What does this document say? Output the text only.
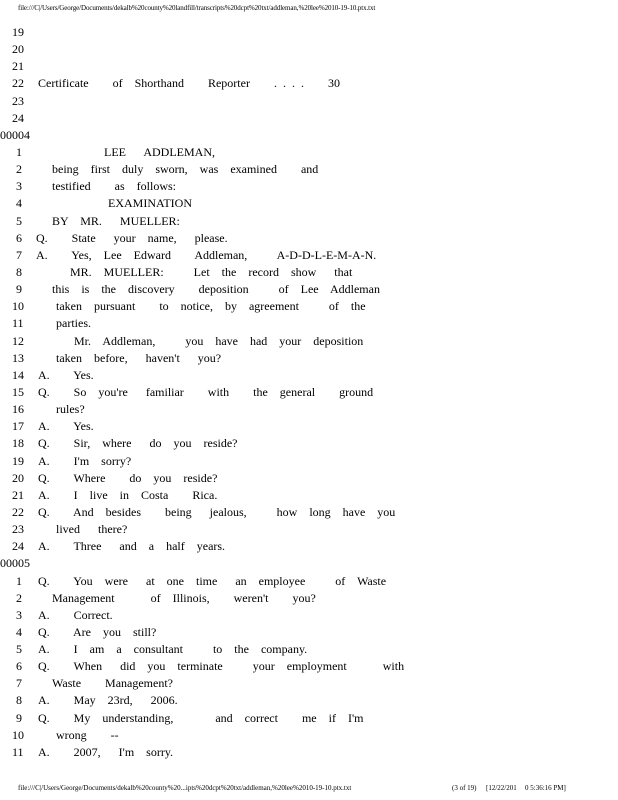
file:///C|/Users/George/Documents/dekalb%20county%20landfill/transcripts%20dcpt%20txt/addleman,%20lee%2010-19-10.ptx.txt
19
20
21
22 Certificate    of  Shorthand    Reporter    . . . .    30
23
24
00004
1	LEE   ADDLEMAN,
2	being  first  duly  sworn,  was  examined    and
3	testified    as  follows:
4	EXAMINATION
5	BY  MR.   MUELLER:
6	Q.    State   your  name,   please.
7	A.    Yes,  Lee  Edward    Addleman,     A-D-D-L-E-M-A-N.
8	MR.  MUELLER:     Let  the  record  show   that
9	this  is  the  discovery    deposition     of  Lee  Addleman
10	taken  pursuant    to  notice,  by  agreement     of  the
11	parties.
12	Mr.  Addleman,     you  have  had  your  deposition
13	taken  before,   haven't   you?
14 A.    Yes.
15 Q.    So  you're   familiar    with    the  general    ground
16	rules?
17 A.    Yes.
18 Q.    Sir,  where   do  you  reside?
19 A.    I'm  sorry?
20 Q.    Where    do  you  reside?
21 A.    I  live  in  Costa    Rica.
22 Q.    And  besides    being   jealous,     how  long  have  you
23	lived   there?
24 A.    Three   and  a  half  years.
00005
1	Q.    You  were   at  one  time   an  employee     of  Waste
2	Management      of  Illinois,    weren't    you?
3	A.    Correct.
4	Q.    Are  you  still?
5	A.    I  am  a  consultant     to  the  company.
6	Q.    When   did  you  terminate     your  employment      with
7	Waste    Management?
8	A.    May  23rd,   2006.
9	Q.    My  understanding,       and  correct    me  if  I'm
10	wrong    --
11 A.    2007,   I'm  sorry.
file:///C|/Users/George/Documents/dekalb%20county%20...ipts%20dcpt%20txt/addleman,%20lee%2010-19-10.ptx.txt	(3 of 19) [12/22/201 0 5:36:16 PM]
